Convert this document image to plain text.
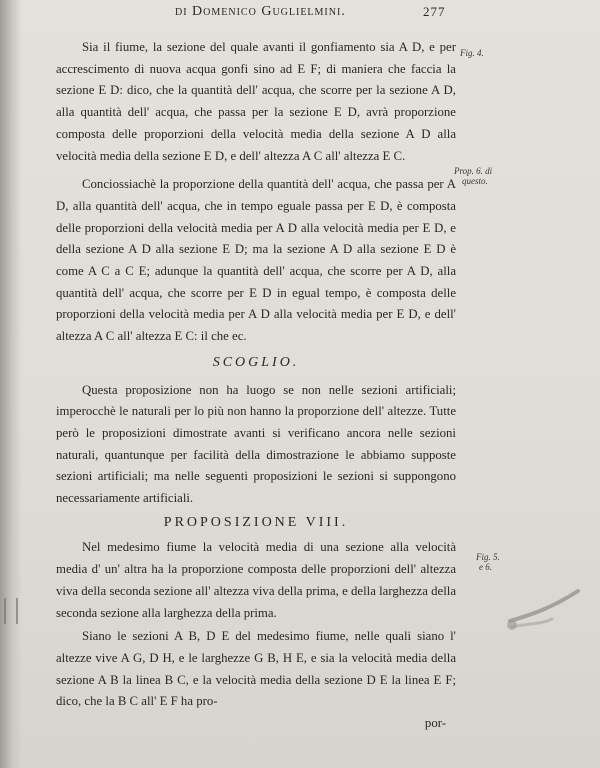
di Domenico Guglielmini.	277
Fig. 4.
Prop. 6. di
questo.
Fig. 5.
e 6.

Sia il fiume, la sezione del quale avanti il gonfiamento sia A D, e per accrescimento di nuova acqua gonfi sino ad E F; di maniera che faccia la sezione E D: dico, che la quantità dell' acqua, che scorre per la sezione A D, alla quantità dell' acqua, che passa per la sezione E D, avrà proporzione composta delle proporzioni della velocità media della sezione A D alla velocità media della sezione E D, e dell' altezza A C all' altezza E C.

Conciossiachè la proporzione della quantità dell' acqua, che passa per A D, alla quantità dell' acqua, che in tempo eguale passa per E D, è composta delle proporzioni della velocità media per A D alla velocità media per E D, e della sezione A D alla sezione E D; ma la sezione A D alla sezione E D è come A C a C E; adunque la quantità dell' acqua, che scorre per A D, alla quantità dell' acqua, che scorre per E D in egual tempo, è composta delle proporzioni della velocità media per A D alla velocità media per E D, e dell' altezza A C all' altezza E C: il che ec.

SCOGLIO.

Questa proposizione non ha luogo se non nelle sezioni artificiali; imperocchè le naturali per lo più non hanno la proporzione dell' altezze. Tutte però le proposizioni dimostrate avanti si verificano ancora nelle sezioni naturali, quantunque per facilità della dimostrazione le abbiamo supposte sezioni artificiali; ma nelle seguenti proposizioni le sezioni si suppongono necessariamente artificiali.

PROPOSIZIONE VIII.

Nel medesimo fiume la velocità media di una sezione alla velocità media d' un' altra ha la proporzione composta delle proporzioni dell' altezza viva della seconda sezione all' altezza viva della prima, e della larghezza della seconda sezione alla larghezza della prima.

Siano le sezioni A B, D E del medesimo fiume, nelle quali siano l' altezze vive A G, D H, e le larghezze G B, H E, e sia la velocità media della sezione A B la linea B C, e la velocità media della sezione D E la linea E F; dico, che la B C all' E F ha pro-

por-
